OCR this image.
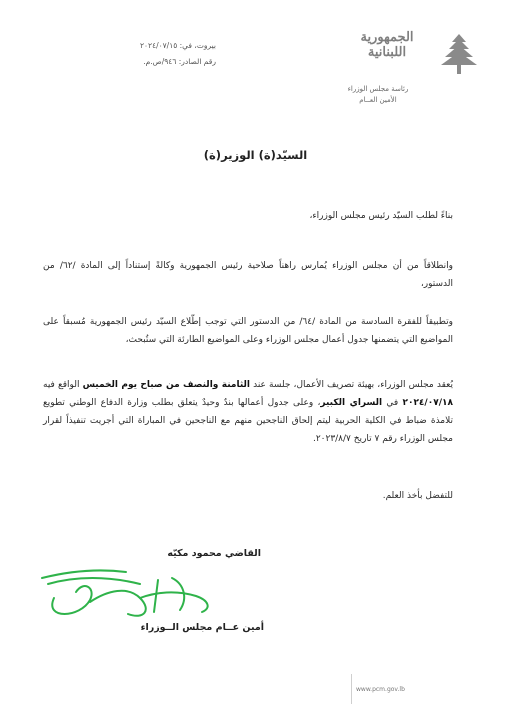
بيروت، في: ٢٠٢٤/٠٧/١٥
رقم الصادر: ٩٤٦/ص.م.
الجمهورية
اللبنانية
رئاسة مجلس الوزراء
الأمين العــام
السيّد(ة) الوزير(ة)
بناءً لطلب السيّد رئيس مجلس الوزراء،
وانطلاقاً من أن مجلس الوزراء يُمارس راهناً صلاحية رئيس الجمهورية وكالةً إستناداً إلى المادة /٦٢/ من الدستور،
وتطبيقاً للفقرة السادسة من المادة /٦٤/ من الدستور التي توجب إطّلاع السيّد رئيس الجمهورية مُسبقاً على المواضيع التي يتضمنها جدول أعمال مجلس الوزراء وعلى المواضيع الطارئة التي ستُبحث،
يُعقد مجلس الوزراء، بهيئة تصريف الأعمال، جلسة عند الثامنة والنصف من صباح يوم الخميس الواقع فيه ٢٠٢٤/٠٧/١٨ في السراي الكبير، وعلى جدول أعمالها بندٌ وحيدٌ يتعلق بطلب وزارة الدفاع الوطني تطويع تلامذة ضباط في الكلية الحربية ليتم إلحاق الناجحين منهم مع الناجحين في المباراة التي أجريت تنفيذاً لقرار مجلس الوزراء رقم ٧ تاريخ ٢٠٢٣/٨/٧.
للتفضل بأخذ العلم.
القاضي محمود مكيّه
أمين عــام مجلس الــوزراء
www.pcm.gov.lb
